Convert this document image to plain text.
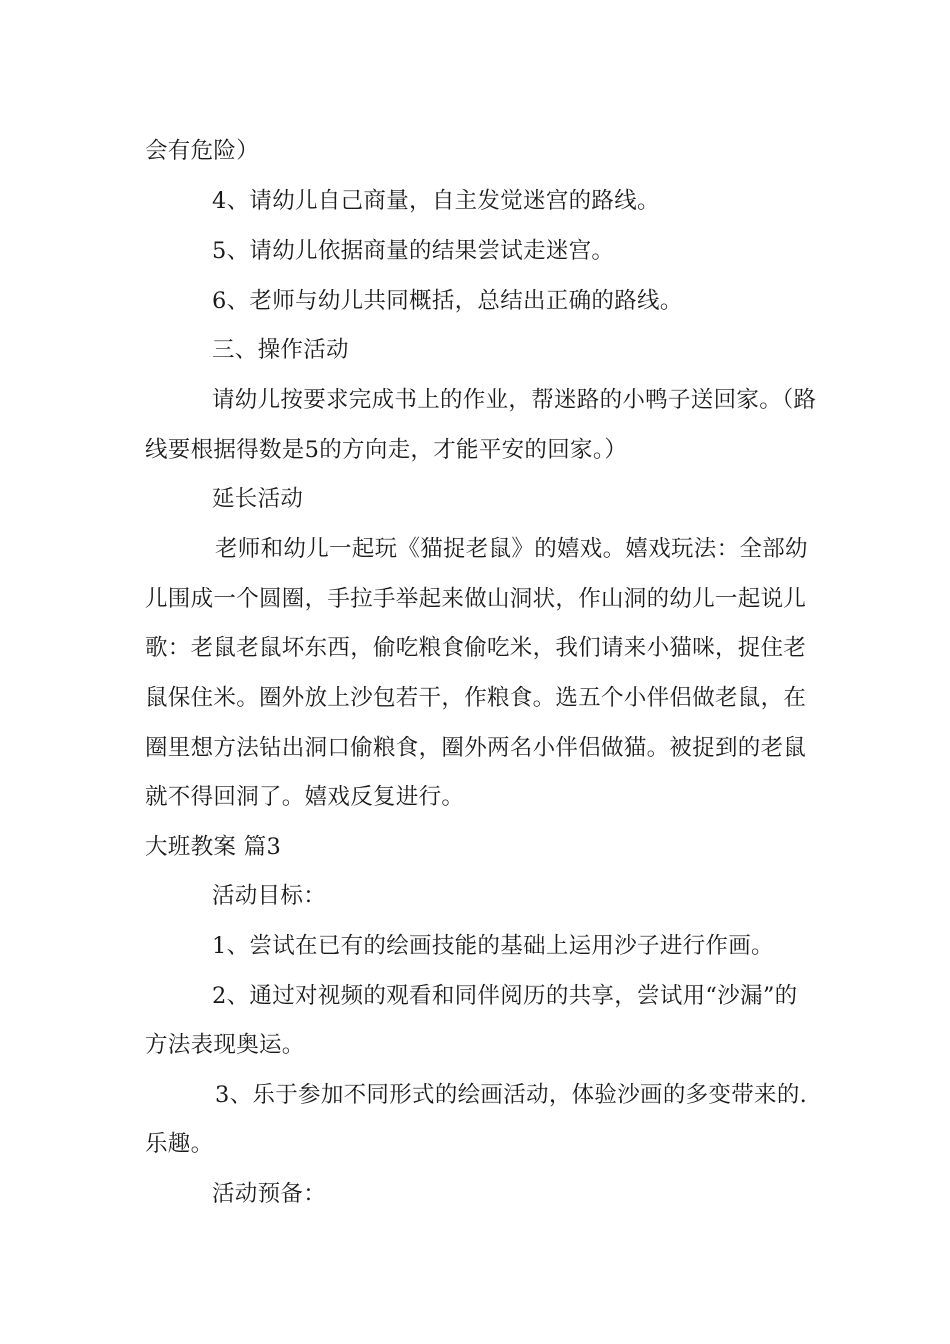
会有危险）
4、请幼儿自己商量，自主发觉迷宫的路线。
5、请幼儿依据商量的结果尝试走迷宫。
6、老师与幼儿共同概括，总结出正确的路线。
三、操作活动
请幼儿按要求完成书上的作业，帮迷路的小鸭子送回家。（路
线要根据得数是5的方向走，才能平安的回家。）
延长活动
老师和幼儿一起玩《猫捉老鼠》的嬉戏。嬉戏玩法：全部幼
儿围成一个圆圈，手拉手举起来做山洞状，作山洞的幼儿一起说儿
歌：老鼠老鼠坏东西，偷吃粮食偷吃米，我们请来小猫咪，捉住老
鼠保住米。圈外放上沙包若干，作粮食。选五个小伴侣做老鼠，在
圈里想方法钻出洞口偷粮食，圈外两名小伴侣做猫。被捉到的老鼠
就不得回洞了。嬉戏反复进行。
大班教案 篇3
活动目标：
1、尝试在已有的绘画技能的基础上运用沙子进行作画。
2、通过对视频的观看和同伴阅历的共享，尝试用“沙漏”的
方法表现奥运。
3、乐于参加不同形式的绘画活动，体验沙画的多变带来的.
乐趣。
活动预备：
